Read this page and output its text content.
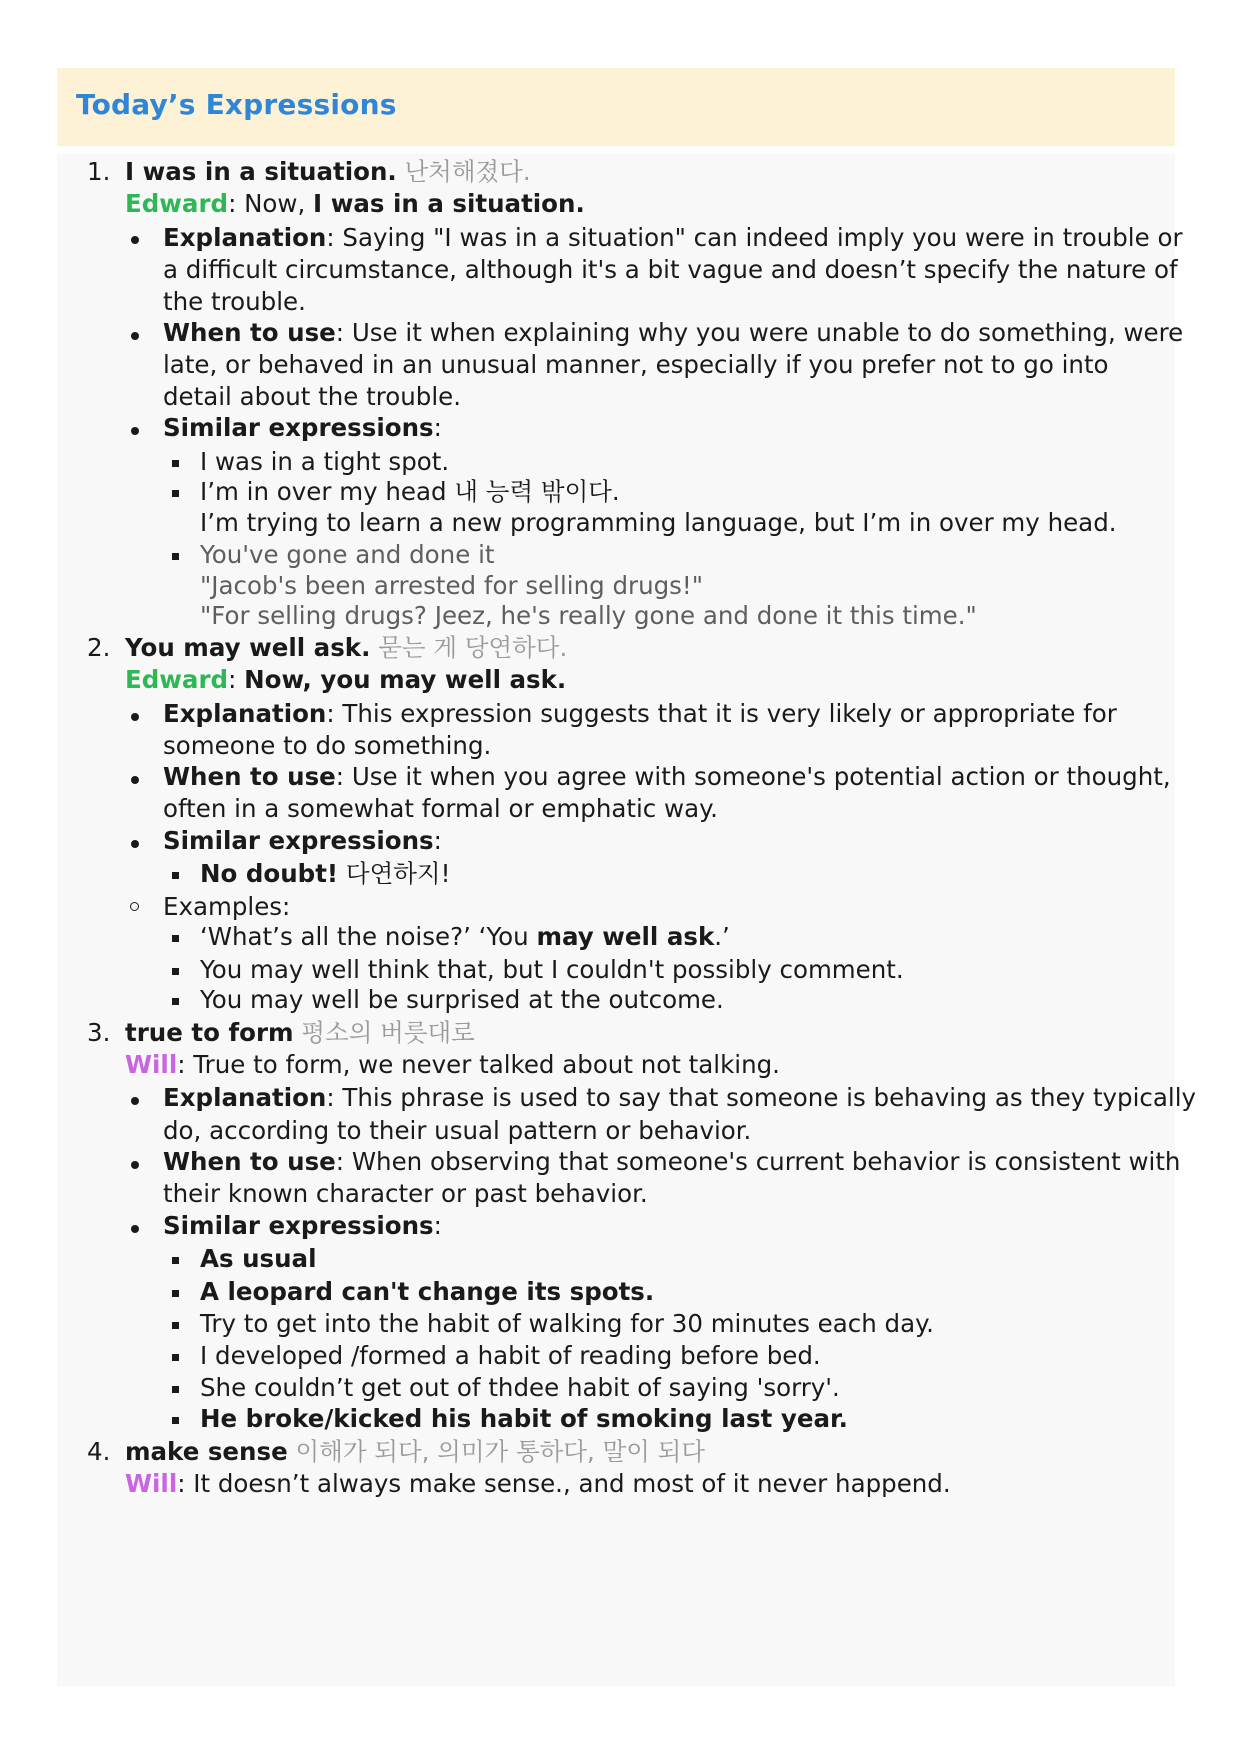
Today’s Expressions
1. I was in a situation. 난처해졌다.
Edward: Now, I was in a situation.
Explanation: Saying "I was in a situation" can indeed imply you were in trouble or
a difficult circumstance, although it's a bit vague and doesn’t specify the nature of
the trouble.
When to use: Use it when explaining why you were unable to do something, were
late, or behaved in an unusual manner, especially if you prefer not to go into
detail about the trouble.
Similar expressions:
I was in a tight spot.
I’m in over my head 내 능력 밖이다.
I’m trying to learn a new programming language, but I’m in over my head.
You've gone and done it
"Jacob's been arrested for selling drugs!"
"For selling drugs? Jeez, he's really gone and done it this time."
2. You may well ask. 묻는 게 당연하다.
Edward: Now, you may well ask.
Explanation: This expression suggests that it is very likely or appropriate for
someone to do something.
When to use: Use it when you agree with someone's potential action or thought,
often in a somewhat formal or emphatic way.
Similar expressions:
No doubt! 다연하지!
Examples:
‘What’s all the noise?’ ‘You may well ask.’
You may well think that, but I couldn't possibly comment.
You may well be surprised at the outcome.
3. true to form 평소의 버릇대로
Will: True to form, we never talked about not talking.
Explanation: This phrase is used to say that someone is behaving as they typically
do, according to their usual pattern or behavior.
When to use: When observing that someone's current behavior is consistent with
their known character or past behavior.
Similar expressions:
As usual
A leopard can't change its spots.
Try to get into the habit of walking for 30 minutes each day.
I developed /formed a habit of reading before bed.
She couldn’t get out of thdee habit of saying 'sorry'.
He broke/kicked his habit of smoking last year.
4. make sense 이해가 되다, 의미가 통하다, 말이 되다
Will: It doesn’t always make sense., and most of it never happend.
